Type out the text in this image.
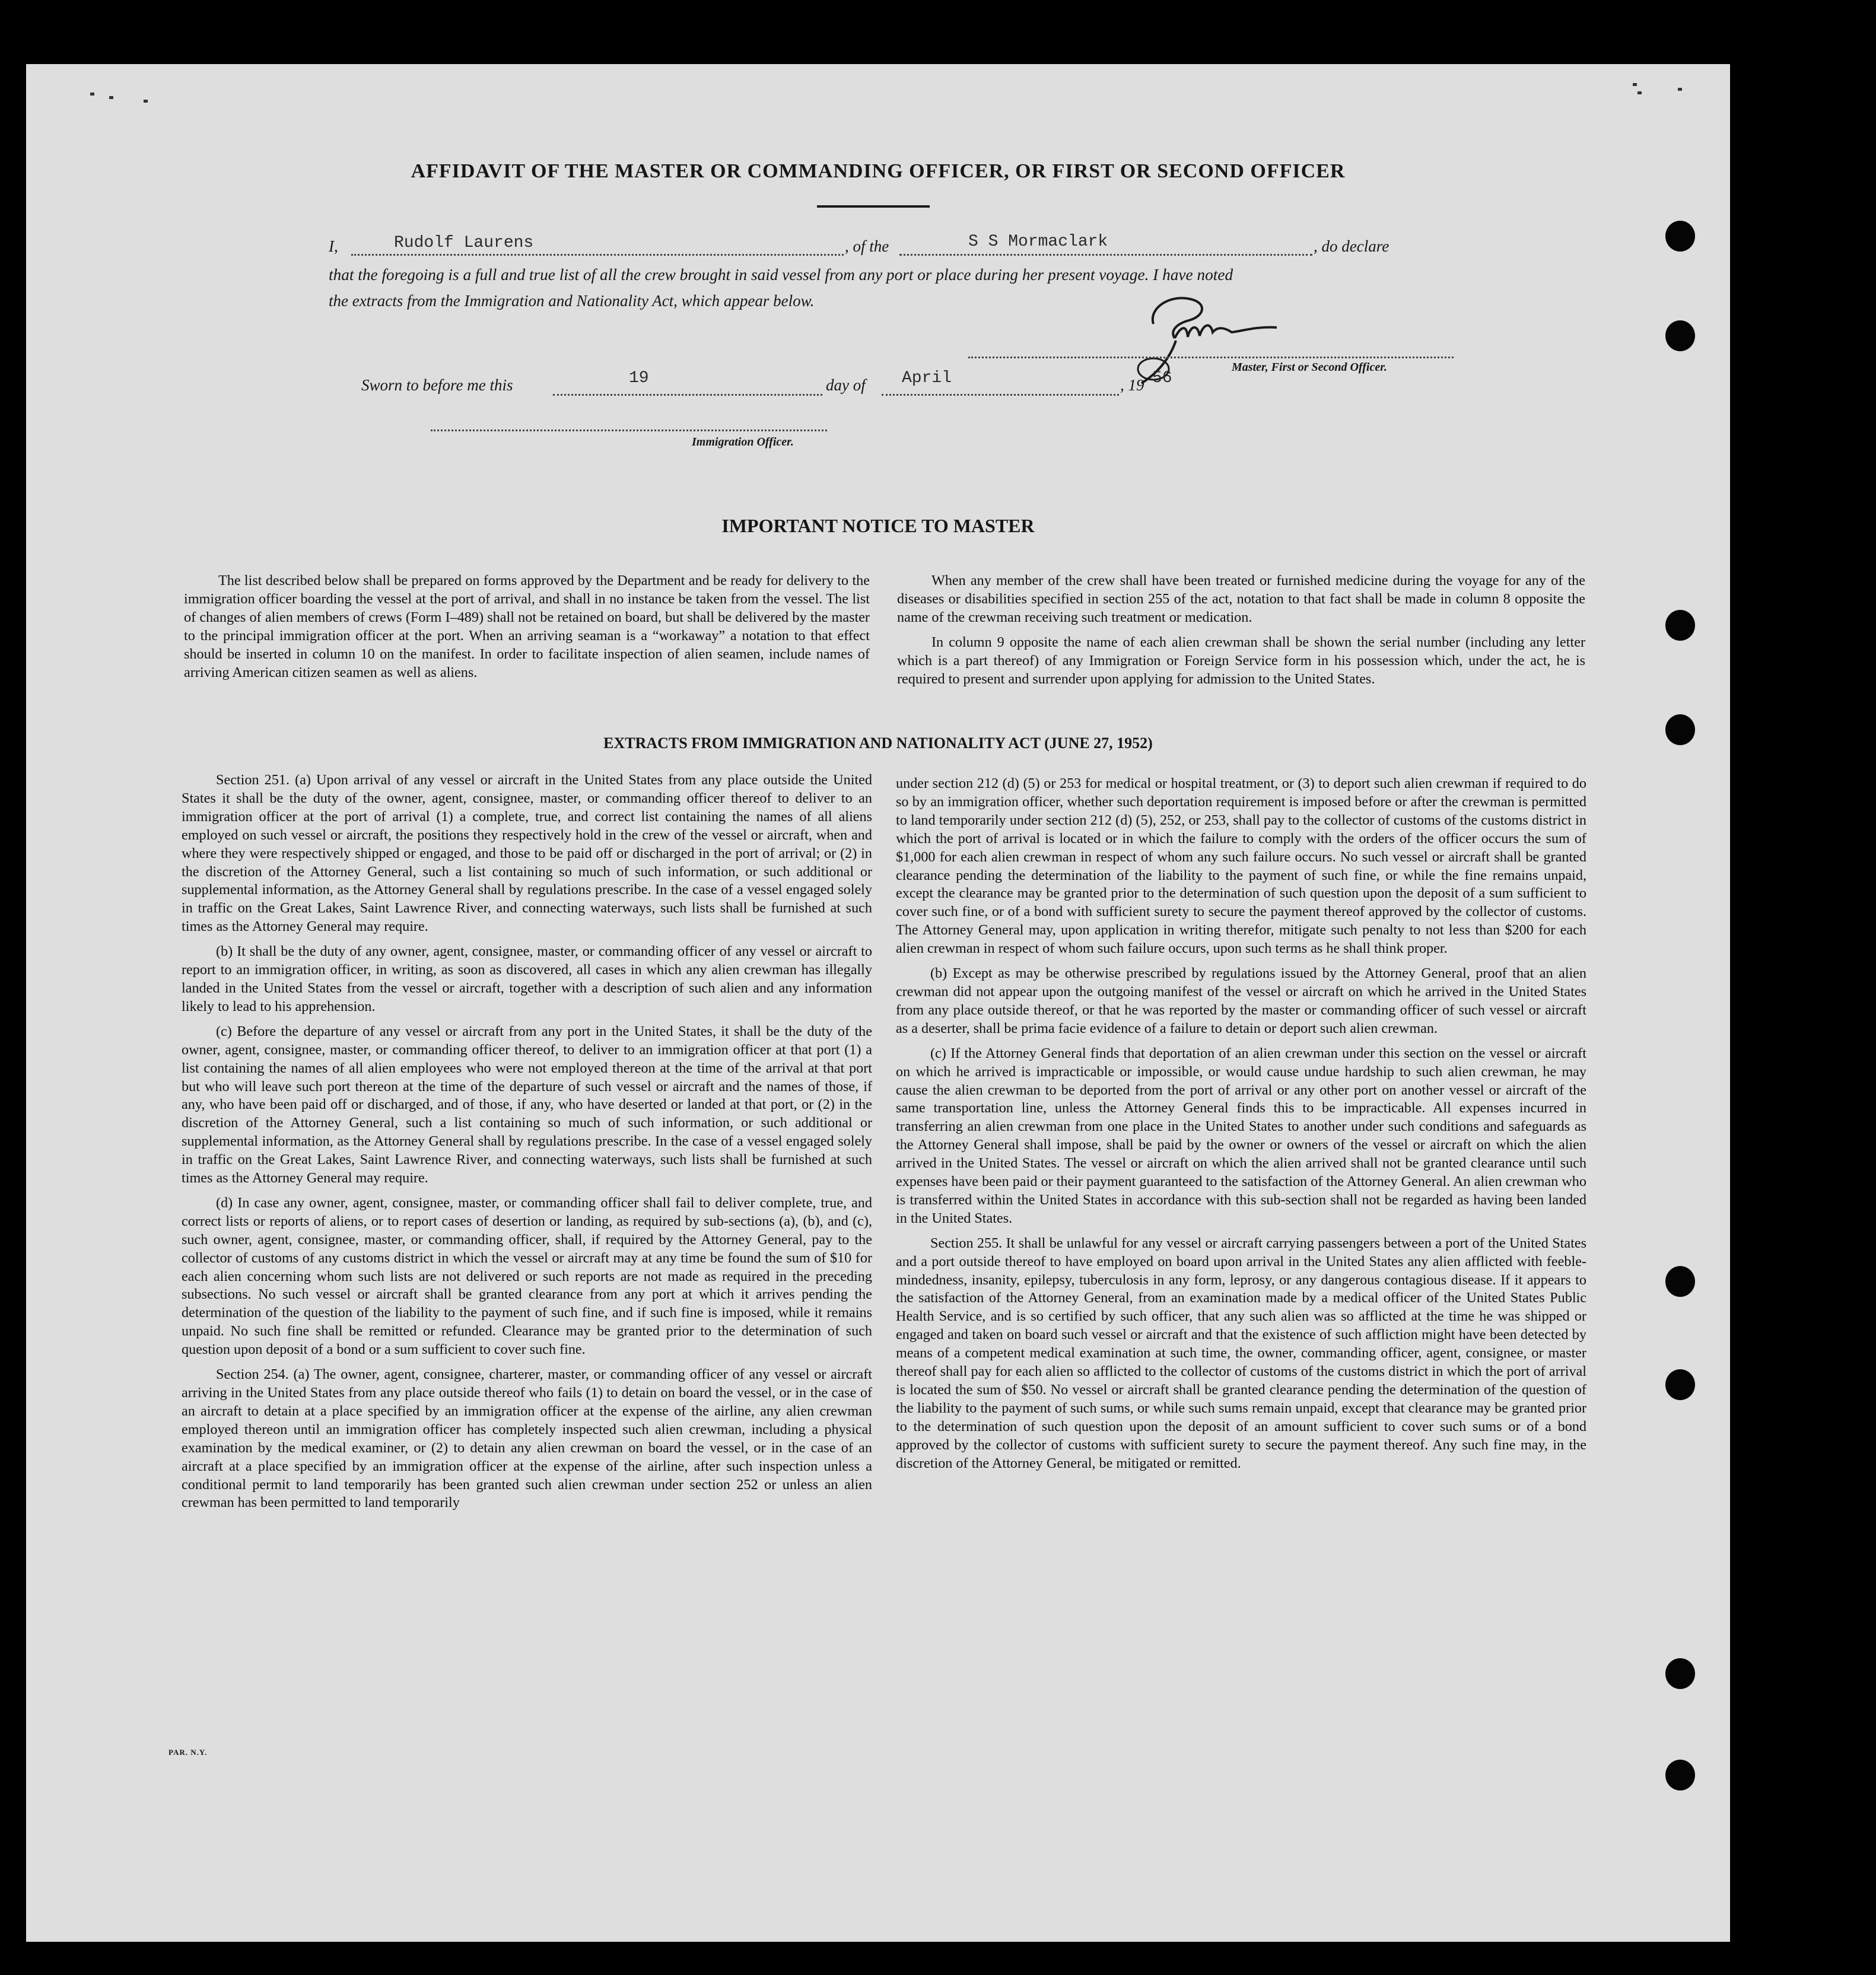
AFFIDAVIT OF THE MASTER OR COMMANDING OFFICER, OR FIRST OR SECOND OFFICER
I,	Rudolf Laurens	, of the	S S Mormaclark	, do declare
that the foregoing is a full and true list of all the crew brought in said vessel from any port or place during her present voyage. I have noted
the extracts from the Immigration and Nationality Act, which appear below.
Master, First or Second Officer.
Sworn to before me this	19	day of April	, 19 56
Immigration Officer.
IMPORTANT NOTICE TO MASTER

The list described below shall be prepared on forms approved by the Department and be ready for delivery to the immigration officer boarding the vessel at the port of arrival, and shall in no instance be taken from the vessel. The list of changes of alien members of crews (Form I–489) shall not be retained on board, but shall be delivered by the master to the principal immigration officer at the port. When an arriving seaman is a “workaway” a notation to that effect should be inserted in column 10 on the manifest. In order to facilitate inspection of alien seamen, include names of arriving American citizen seamen as well as aliens.

When any member of the crew shall have been treated or furnished medicine during the voyage for any of the diseases or disabilities specified in section 255 of the act, notation to that fact shall be made in column 8 opposite the name of the crewman receiving such treatment or medication.

In column 9 opposite the name of each alien crewman shall be shown the serial number (including any letter which is a part thereof) of any Immigration or Foreign Service form in his possession which, under the act, he is required to present and surrender upon applying for admission to the United States.

EXTRACTS FROM IMMIGRATION AND NATIONALITY ACT (JUNE 27, 1952)

Section 251. (a) Upon arrival of any vessel or aircraft in the United States from any place outside the United States it shall be the duty of the owner, agent, consignee, master, or commanding officer thereof to deliver to an immigration officer at the port of arrival (1) a complete, true, and correct list containing the names of all aliens employed on such vessel or aircraft, the positions they respectively hold in the crew of the vessel or aircraft, when and where they were respectively shipped or engaged, and those to be paid off or discharged in the port of arrival; or (2) in the discretion of the Attorney General, such a list containing so much of such information, or such additional or supplemental information, as the Attorney General shall by regulations prescribe. In the case of a vessel engaged solely in traffic on the Great Lakes, Saint Lawrence River, and connecting waterways, such lists shall be furnished at such times as the Attorney General may require.

(b) It shall be the duty of any owner, agent, consignee, master, or commanding officer of any vessel or aircraft to report to an immigration officer, in writing, as soon as discovered, all cases in which any alien crewman has illegally landed in the United States from the vessel or aircraft, together with a description of such alien and any information likely to lead to his apprehension.

(c) Before the departure of any vessel or aircraft from any port in the United States, it shall be the duty of the owner, agent, consignee, master, or commanding officer thereof, to deliver to an immigration officer at that port (1) a list containing the names of all alien employees who were not employed thereon at the time of the arrival at that port but who will leave such port thereon at the time of the departure of such vessel or aircraft and the names of those, if any, who have been paid off or discharged, and of those, if any, who have deserted or landed at that port, or (2) in the discretion of the Attorney General, such a list containing so much of such information, or such additional or supplemental information, as the Attorney General shall by regulations prescribe. In the case of a vessel engaged solely in traffic on the Great Lakes, Saint Lawrence River, and connecting waterways, such lists shall be furnished at such times as the Attorney General may require.

(d) In case any owner, agent, consignee, master, or commanding officer shall fail to deliver complete, true, and correct lists or reports of aliens, or to report cases of desertion or landing, as required by sub-sections (a), (b), and (c), such owner, agent, consignee, master, or commanding officer, shall, if required by the Attorney General, pay to the collector of customs of any customs district in which the vessel or aircraft may at any time be found the sum of $10 for each alien concerning whom such lists are not delivered or such reports are not made as required in the preceding subsections. No such vessel or aircraft shall be granted clearance from any port at which it arrives pending the determination of the question of the liability to the payment of such fine, and if such fine is imposed, while it remains unpaid. No such fine shall be remitted or refunded. Clearance may be granted prior to the determination of such question upon deposit of a bond or a sum sufficient to cover such fine.

Section 254. (a) The owner, agent, consignee, charterer, master, or commanding officer of any vessel or aircraft arriving in the United States from any place outside thereof who fails (1) to detain on board the vessel, or in the case of an aircraft to detain at a place specified by an immigration officer at the expense of the airline, any alien crewman employed thereon until an immigration officer has completely inspected such alien crewman, including a physical examination by the medical examiner, or (2) to detain any alien crewman on board the vessel, or in the case of an aircraft at a place specified by an immigration officer at the expense of the airline, after such inspection unless a conditional permit to land temporarily has been granted such alien crewman under section 252 or unless an alien crewman has been permitted to land temporarily

under section 212 (d) (5) or 253 for medical or hospital treatment, or (3) to deport such alien crewman if required to do so by an immigration officer, whether such deportation requirement is imposed before or after the crewman is permitted to land temporarily under section 212 (d) (5), 252, or 253, shall pay to the collector of customs of the customs district in which the port of arrival is located or in which the failure to comply with the orders of the officer occurs the sum of $1,000 for each alien crewman in respect of whom any such failure occurs. No such vessel or aircraft shall be granted clearance pending the determination of the liability to the payment of such fine, or while the fine remains unpaid, except the clearance may be granted prior to the determination of such question upon the deposit of a sum sufficient to cover such fine, or of a bond with sufficient surety to secure the payment thereof approved by the collector of customs. The Attorney General may, upon application in writing therefor, mitigate such penalty to not less than $200 for each alien crewman in respect of whom such failure occurs, upon such terms as he shall think proper.

(b) Except as may be otherwise prescribed by regulations issued by the Attorney General, proof that an alien crewman did not appear upon the outgoing manifest of the vessel or aircraft on which he arrived in the United States from any place outside thereof, or that he was reported by the master or commanding officer of such vessel or aircraft as a deserter, shall be prima facie evidence of a failure to detain or deport such alien crewman.

(c) If the Attorney General finds that deportation of an alien crewman under this section on the vessel or aircraft on which he arrived is impracticable or impossible, or would cause undue hardship to such alien crewman, he may cause the alien crewman to be deported from the port of arrival or any other port on another vessel or aircraft of the same transportation line, unless the Attorney General finds this to be impracticable. All expenses incurred in transferring an alien crewman from one place in the United States to another under such conditions and safeguards as the Attorney General shall impose, shall be paid by the owner or owners of the vessel or aircraft on which the alien arrived in the United States. The vessel or aircraft on which the alien arrived shall not be granted clearance until such expenses have been paid or their payment guaranteed to the satisfaction of the Attorney General. An alien crewman who is transferred within the United States in accordance with this sub-section shall not be regarded as having been landed in the United States.

Section 255. It shall be unlawful for any vessel or aircraft carrying passengers between a port of the United States and a port outside thereof to have employed on board upon arrival in the United States any alien afflicted with feeble-mindedness, insanity, epilepsy, tuberculosis in any form, leprosy, or any dangerous contagious disease. If it appears to the satisfaction of the Attorney General, from an examination made by a medical officer of the United States Public Health Service, and is so certified by such officer, that any such alien was so afflicted at the time he was shipped or engaged and taken on board such vessel or aircraft and that the existence of such affliction might have been detected by means of a competent medical examination at such time, the owner, commanding officer, agent, consignee, or master thereof shall pay for each alien so afflicted to the collector of customs of the customs district in which the port of arrival is located the sum of $50. No vessel or aircraft shall be granted clearance pending the determination of the question of the liability to the payment of such sums, or while such sums remain unpaid, except that clearance may be granted prior to the determination of such question upon the deposit of an amount sufficient to cover such sums or of a bond approved by the collector of customs with sufficient surety to secure the payment thereof. Any such fine may, in the discretion of the Attorney General, be mitigated or remitted.

PAR. N.Y.
